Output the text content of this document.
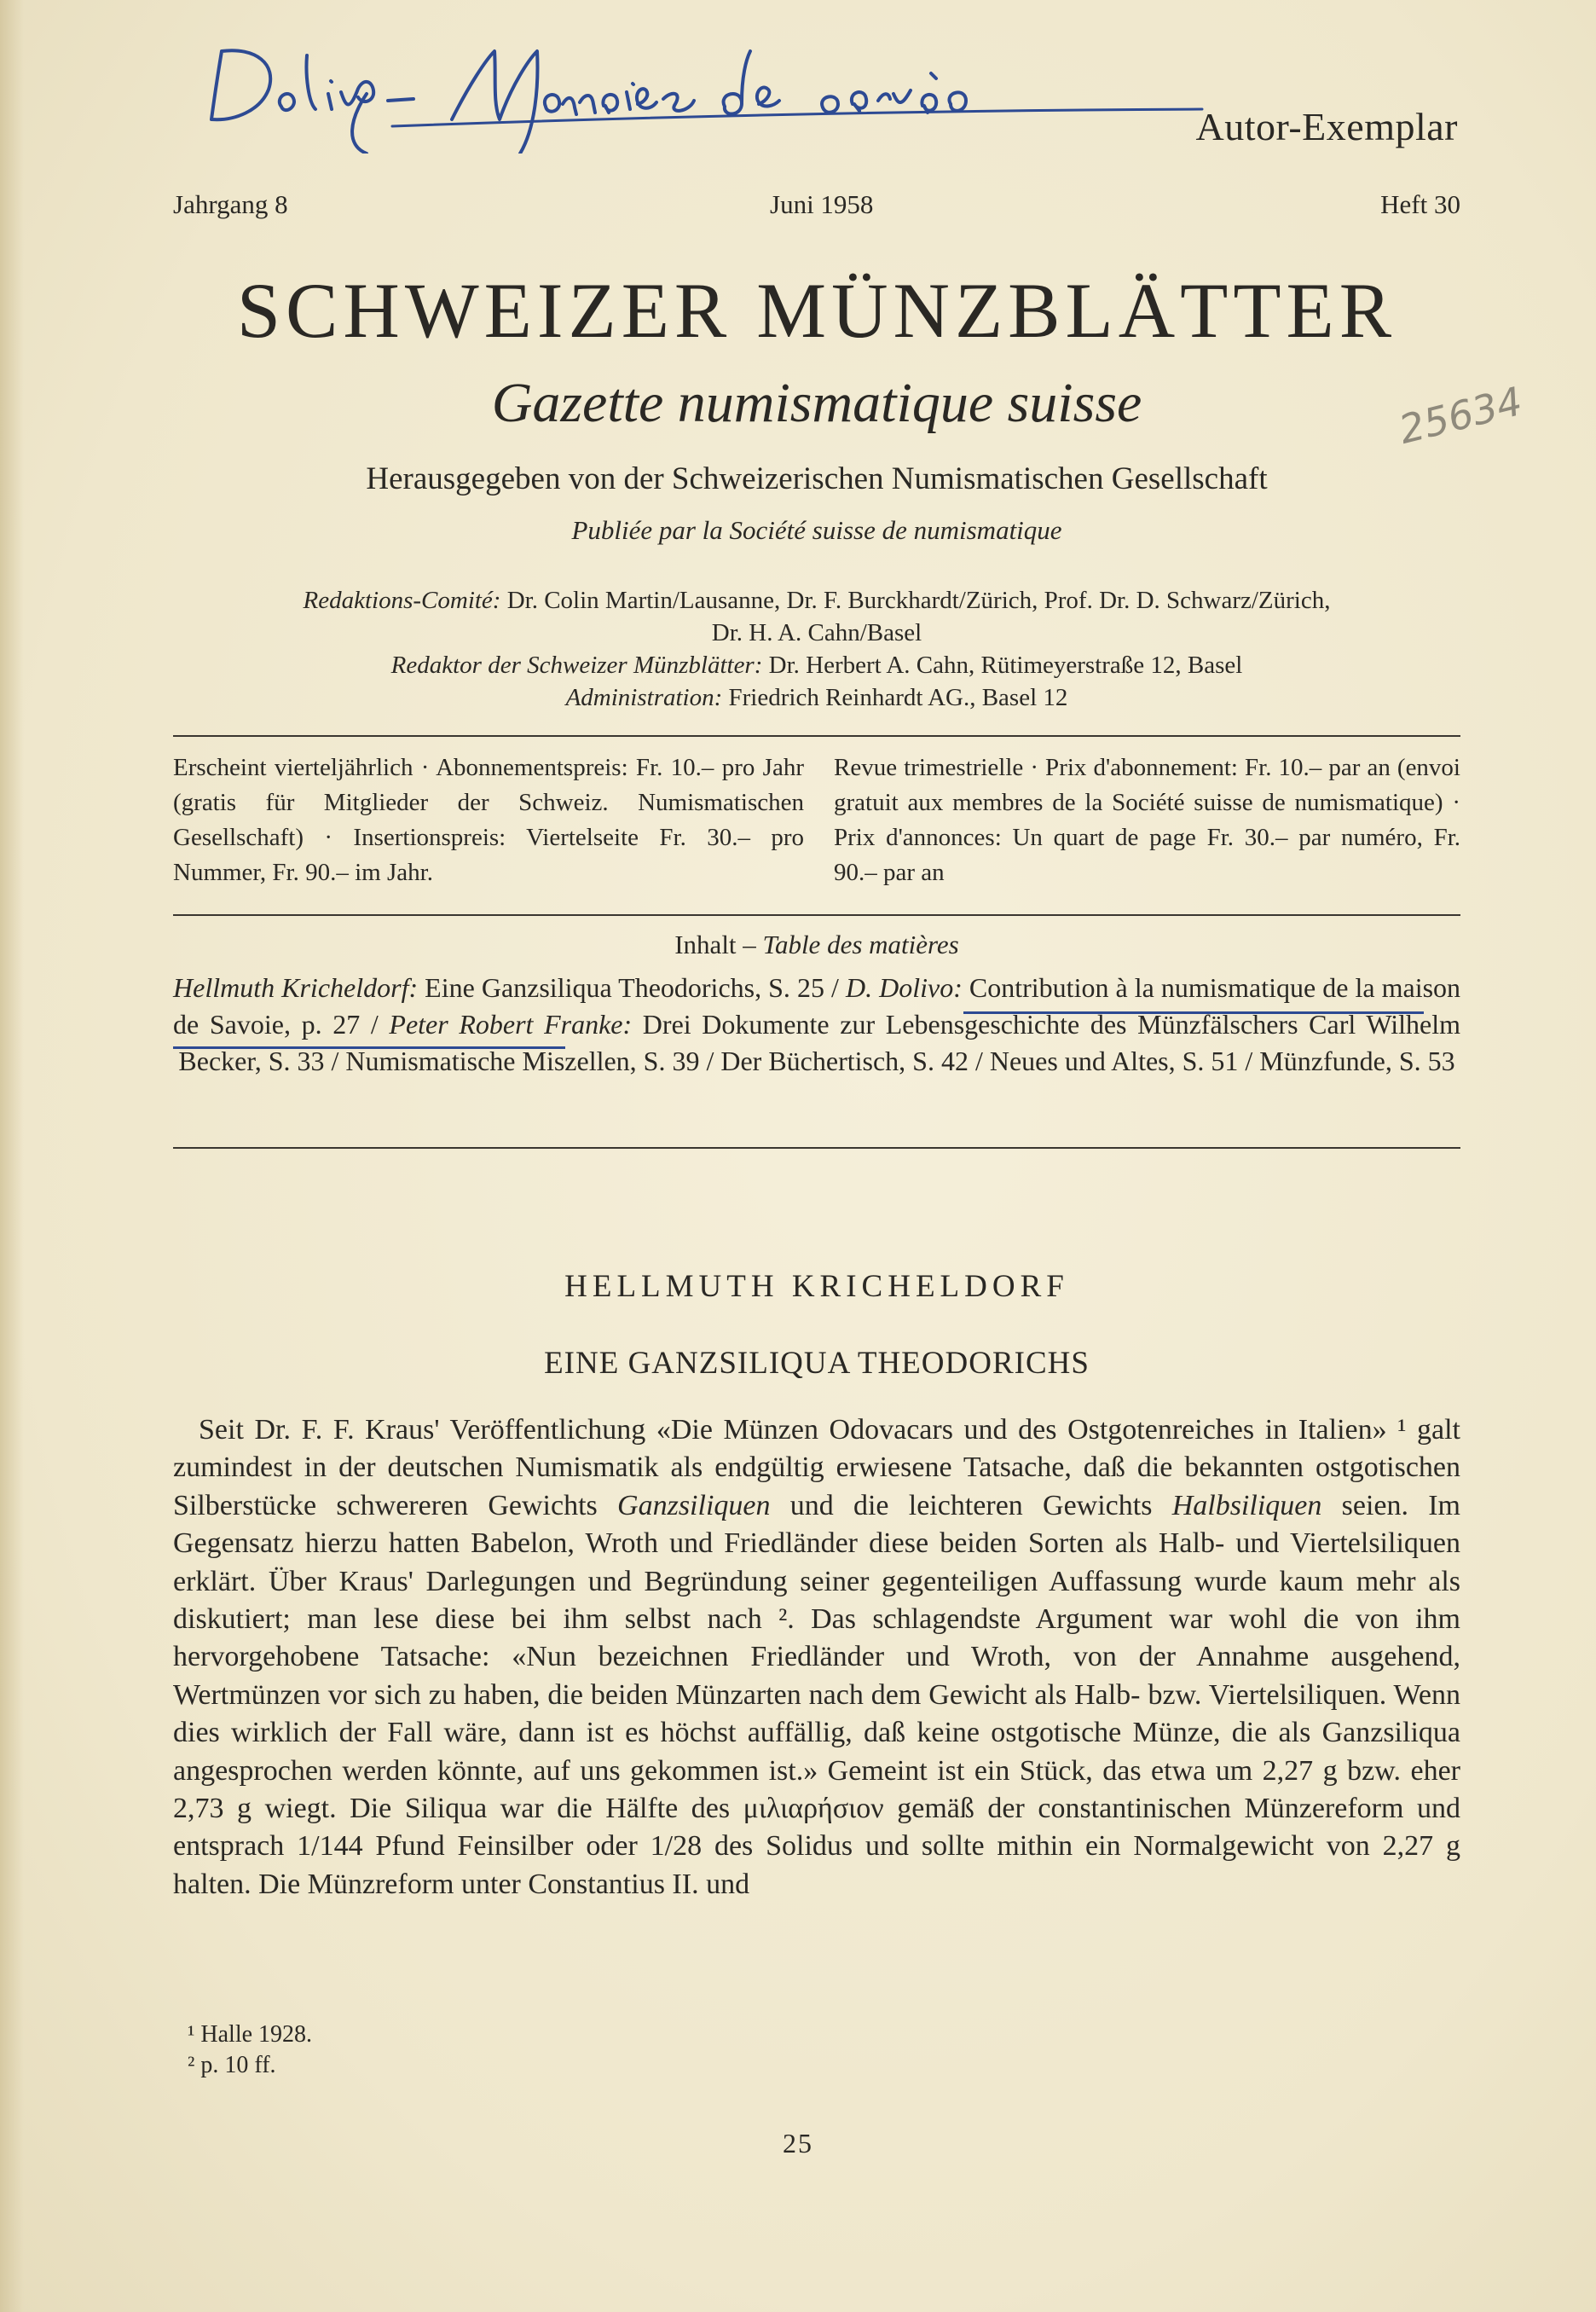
Autor-Exemplar
Jahrgang 8	Juni 1958	Heft 30
SCHWEIZER MÜNZBLÄTTER
Gazette numismatique suisse
Herausgegeben von der Schweizerischen Numismatischen Gesellschaft
Publiée par la Société suisse de numismatique
Redaktions-Comité: Dr. Colin Martin/Lausanne, Dr. F. Burckhardt/Zürich, Prof. Dr. D. Schwarz/Zürich,
Dr. H. A. Cahn/Basel
Redaktor der Schweizer Münzblätter: Dr. Herbert A. Cahn, Rütimeyerstraße 12, Basel
Administration: Friedrich Reinhardt AG., Basel 12
Erscheint vierteljährlich · Abonnementspreis: Fr. 10.– pro Jahr (gratis für Mitglieder der Schweiz. Numismatischen Gesellschaft) · Insertionspreis: Viertelseite Fr. 30.– pro Nummer, Fr. 90.– im Jahr.
Revue trimestrielle · Prix d'abonnement: Fr. 10.– par an (envoi gratuit aux membres de la Société suisse de numismatique) · Prix d'annonces: Un quart de page Fr. 30.– par numéro, Fr. 90.– par an
Inhalt – Table des matières
Hellmuth Kricheldorf: Eine Ganzsiliqua Theodorichs, S. 25 / D. Dolivo: Contribution à la numismatique de la maison de Savoie, p. 27 / Peter Robert Franke: Drei Dokumente zur Lebensgeschichte des Münzfälschers Carl Wilhelm Becker, S. 33 / Numismatische Miszellen, S. 39 / Der Büchertisch, S. 42 / Neues und Altes, S. 51 / Münzfunde, S. 53
HELLMUTH KRICHELDORF
EINE GANZSILIQUA THEODORICHS

Seit Dr. F. F. Kraus' Veröffentlichung «Die Münzen Odovacars und des Ostgotenreiches in Italien» ¹ galt zumindest in der deutschen Numismatik als endgültig erwiesene Tatsache, daß die bekannten ostgotischen Silberstücke schwereren Gewichts Ganzsiliquen und die leichteren Gewichts Halbsiliquen seien. Im Gegensatz hierzu hatten Babelon, Wroth und Friedländer diese beiden Sorten als Halb- und Viertelsiliquen erklärt. Über Kraus' Darlegungen und Begründung seiner gegenteiligen Auffassung wurde kaum mehr als diskutiert; man lese diese bei ihm selbst nach ². Das schlagendste Argument war wohl die von ihm hervorgehobene Tatsache: «Nun bezeichnen Friedländer und Wroth, von der Annahme ausgehend, Wertmünzen vor sich zu haben, die beiden Münzarten nach dem Gewicht als Halb- bzw. Viertelsiliquen. Wenn dies wirklich der Fall wäre, dann ist es höchst auffällig, daß keine ostgotische Münze, die als Ganzsiliqua angesprochen werden könnte, auf uns gekommen ist.» Gemeint ist ein Stück, das etwa um 2,27 g bzw. eher 2,73 g wiegt. Die Siliqua war die Hälfte des μιλιαρήσιον gemäß der constantinischen Münzereform und entsprach 1/144 Pfund Feinsilber oder 1/28 des Solidus und sollte mithin ein Normalgewicht von 2,27 g halten. Die Münzreform unter Constantius II. und

¹ Halle 1928.
² p. 10 ff.
25
25634
